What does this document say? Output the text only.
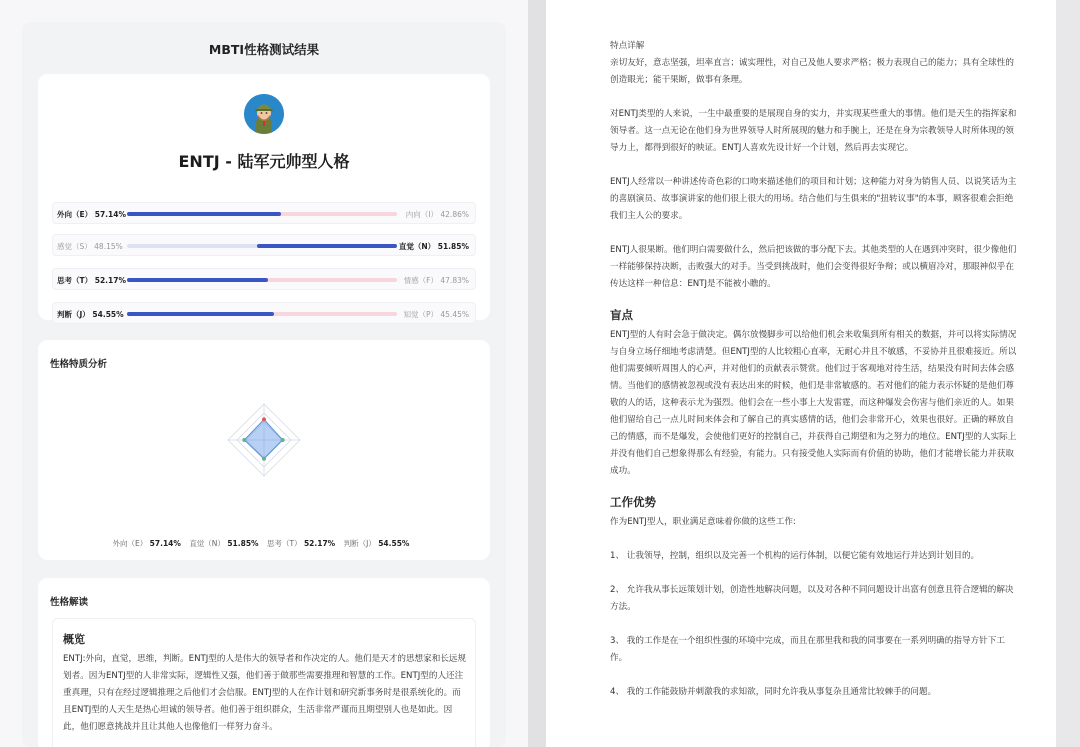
MBTI性格测试结果
ENTJ - 陆军元帅型人格
外向（E） 57.14%	内向（I） 42.86%
感觉（S） 48.15%	直觉（N） 51.85%
思考（T） 52.17%	情感（F） 47.83%
判断（J） 54.55%	知觉（P） 45.45%
性格特质分析
外向（E） 57.14% 直觉（N） 51.85% 思考（T） 52.17% 判断（J） 54.55%
性格解读
概览

ENTJ:外向，直觉，思维，判断。ENTJ型的人是伟大的领导者和作决定的人。他们是天才的思想家和长远规划者。因为ENTJ型的人非常实际，逻辑性又强，他们善于做那些需要推理和智慧的工作。ENTJ型的人还注重真理，只有在经过逻辑推理之后他们才会信服。ENTJ型的人在作计划和研究新事务时是很系统化的。而且ENTJ型的人天生是热心坦诚的领导者。他们善于组织群众，生活非常严谨而且期望别人也是如此。因此，他们愿意挑战并且让其他人也像他们一样努力奋斗。

特点详解

亲切友好，意志坚强，坦率直言；诚实理性，对自己及他人要求严格；极力表现自己的能力；具有全球性的创造眼光；能干果断，做事有条理。

对ENTJ类型的人来说，一生中最重要的是展现自身的实力，并实现某些重大的事情。他们是天生的指挥家和领导者。这一点无论在他们身为世界领导人时所展现的魅力和手腕上，还是在身为宗教领导人时所体现的领导力上，都得到很好的映证。ENTJ人喜欢先设计好一个计划，然后再去实现它。

ENTJ人经常以一种讲述传奇色彩的口吻来描述他们的项目和计划；这种能力对身为销售人员、以说笑话为主的喜剧演员、故事演讲家的他们很上很大的用场。结合他们与生俱来的"扭转议事"的本事，顾客很难会拒绝我们主人公的要求。

ENTJ人很果断。他们明白需要做什么，然后把该做的事分配下去。其他类型的人在遇到冲突时，很少像他们一样能够保持决断，击败强大的对手。当受到挑战时，他们会变得很好争辩；或以横眉冷对，那眼神似乎在传达这样一种信息：ENTJ是不能被小瞧的。

盲点

ENTJ型的人有时会急于做决定。偶尔放慢脚步可以给他们机会来收集到所有相关的数据，并可以将实际情况与自身立场仔细地考虑清楚。但ENTJ型的人比较粗心直率，无耐心并且不敏感，不妥协并且很难接近。所以他们需要倾听周围人的心声，并对他们的贡献表示赞赏。他们过于客观地对待生活，结果没有时间去体会感情。当他们的感情被忽视或没有表达出来的时候，他们是非常敏感的。若对他们的能力表示怀疑的是他们尊敬的人的话，这种表示尤为强烈。他们会在一些小事上大发雷霆，而这种爆发会伤害与他们亲近的人。如果他们留给自己一点儿时间来体会和了解自己的真实感情的话，他们会非常开心，效果也很好。正确的释放自己的情感，而不是爆发，会使他们更好的控制自己，并获得自己期望和为之努力的地位。ENTJ型的人实际上并没有他们自己想象得那么有经验，有能力。只有接受他人实际而有价值的协助，他们才能增长能力并获取成功。

工作优势

作为ENTJ型人，职业满足意味着你做的这些工作:

1、 让我领导，控制，组织以及完善一个机构的运行体制，以便它能有效地运行并达到计划目的。

2、 允许我从事长远策划计划，创造性地解决问题，以及对各种不同问题设计出富有创意且符合逻辑的解决方法。

3、 我的工作是在一个组织性强的环境中完成，而且在那里我和我的同事要在一系列明确的指导方针下工作。

4、 我的工作能鼓励并刺激我的求知欲，同时允许我从事复杂且通常比较棘手的问题。
